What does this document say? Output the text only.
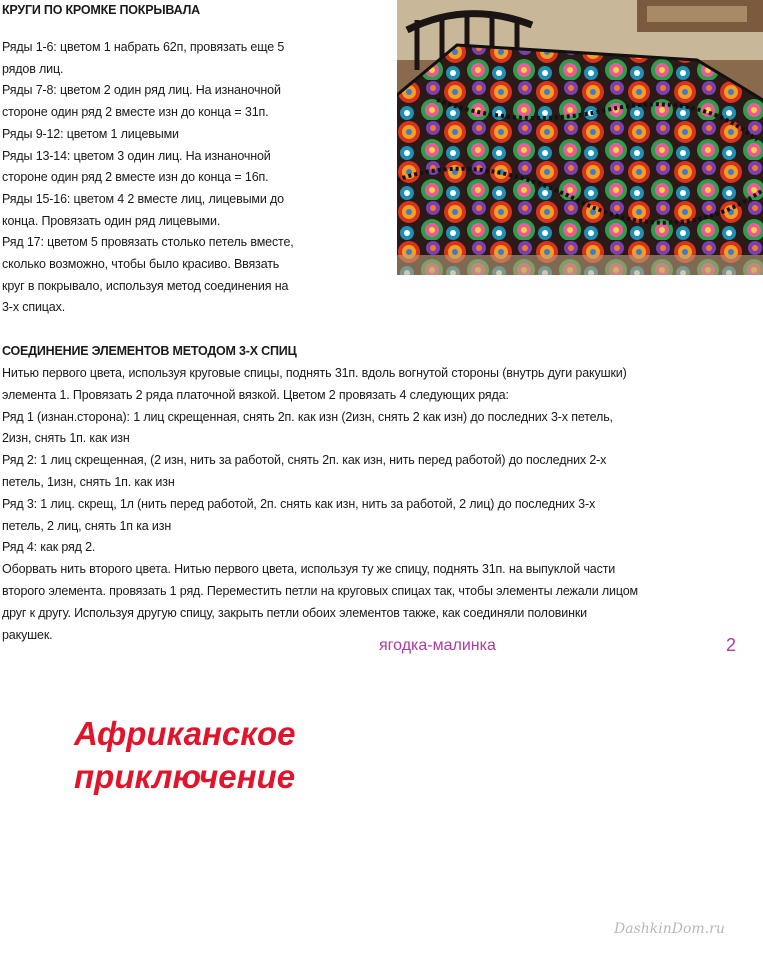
КРУГИ ПО КРОМКЕ ПОКРЫВАЛА

Ряды 1-6: цветом 1 набрать 62п, провязать еще 5

рядов лиц.

Ряды 7-8: цветом 2 один ряд лиц. На изнаночной

стороне один ряд 2 вместе изн до конца = 31п.

Ряды 9-12: цветом 1 лицевыми

Ряды 13-14: цветом 3 один лиц. На изнаночной

стороне один ряд 2 вместе изн до конца = 16п.

Ряды 15-16: цветом 4 2 вместе лиц, лицевыми до

конца. Провязать один ряд лицевыми.

Ряд 17: цветом 5 провязать столько петель вместе,

сколько возможно, чтобы было красиво. Ввязать

круг в покрывало, используя метод соединения на

3-х спицах.

СОЕДИНЕНИЕ ЭЛЕМЕНТОВ МЕТОДОМ 3-Х СПИЦ

Нитью первого цвета, используя круговые спицы, поднять 31п. вдоль вогнутой стороны (внутрь дуги ракушки)

элемента 1. Провязать 2 ряда платочной вязкой. Цветом 2 провязать 4 следующих ряда:

Ряд 1 (изнан.сторона): 1 лиц скрещенная, снять 2п. как изн (2изн, снять 2 как изн) до последних 3-х петель,

2изн, снять 1п. как изн

Ряд 2: 1 лиц скрещенная, (2 изн, нить за работой, снять 2п. как изн, нить перед работой) до последних 2-х

петель, 1изн, снять 1п. как изн

Ряд 3: 1 лиц. скрещ, 1л (нить перед работой, 2п. снять как изн, нить за работой, 2 лиц) до последних 3-х

петель, 2 лиц, снять 1п ка изн

Ряд 4: как ряд 2.

Оборвать нить второго цвета. Нитью первого цвета, используя ту же спицу, поднять 31п. на выпуклой части

второго элемента. провязать 1 ряд. Переместить петли на круговых спицах так, чтобы элементы лежали лицом

друг к другу. Используя другую спицу, закрыть петли обоих элементов также, как соединяли половинки

ракушек.

ягодка-малинка	2
Африканское
приключение
DashkinDom.ru
